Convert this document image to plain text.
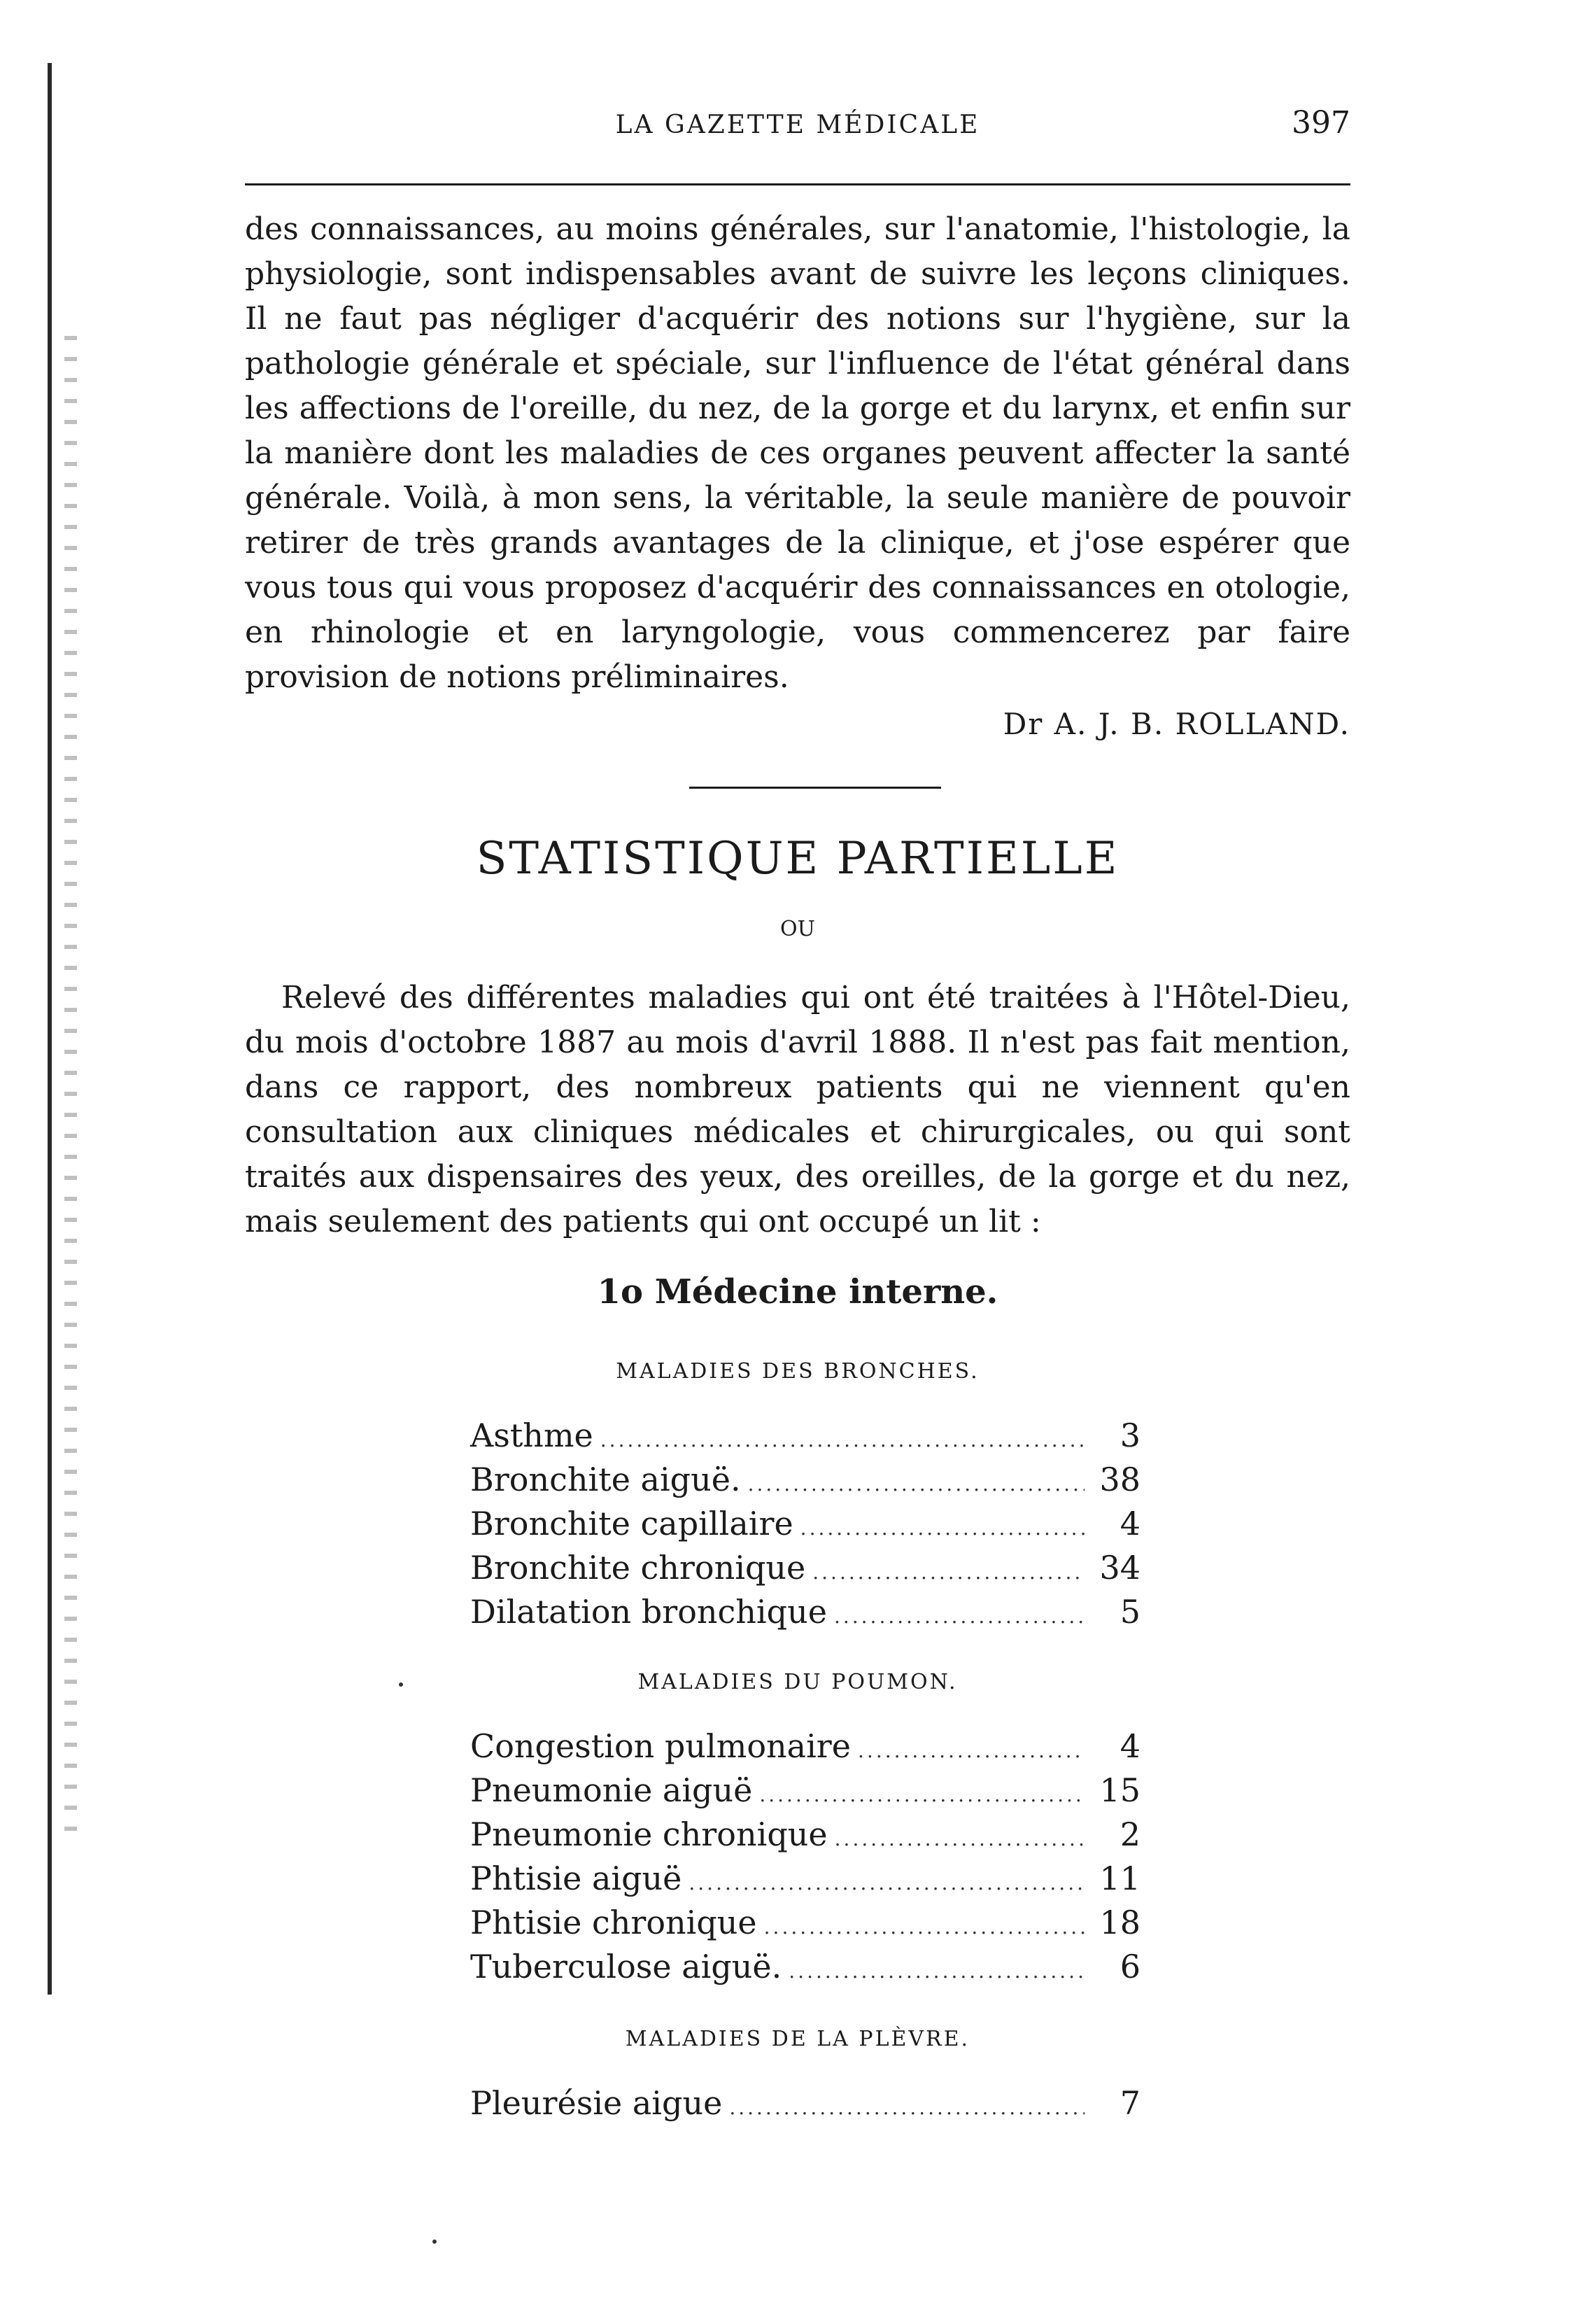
LA GAZETTE MÉDICALE	397

des connaissances, au moins générales, sur l'anatomie, l'histologie, la physiologie, sont indispensables avant de suivre les leçons cliniques. Il ne faut pas négliger d'acquérir des notions sur l'hygiène, sur la pathologie générale et spéciale, sur l'influence de l'état général dans les affections de l'oreille, du nez, de la gorge et du larynx, et enfin sur la manière dont les maladies de ces organes peuvent affecter la santé générale. Voilà, à mon sens, la véritable, la seule manière de pouvoir retirer de très grands avantages de la clinique, et j'ose espérer que vous tous qui vous proposez d'acquérir des connaissances en otologie, en rhinologie et en laryngologie, vous commencerez par faire provision de notions préliminaires.

Dr A. J. B. ROLLAND.
STATISTIQUE PARTIELLE
OU

Relevé des différentes maladies qui ont été traitées à l'Hôtel-Dieu, du mois d'octobre 1887 au mois d'avril 1888. Il n'est pas fait mention, dans ce rapport, des nombreux patients qui ne viennent qu'en consultation aux cliniques médicales et chirurgicales, ou qui sont traités aux dispensaires des yeux, des oreilles, de la gorge et du nez, mais seulement des patients qui ont occupé un lit :

1o Médecine interne.
MALADIES DES BRONCHES.
Asthme .....	3
Bronchite aiguë. .....	38
Bronchite capillaire .....	4
Bronchite chronique .....	34
Dilatation bronchique .....	5
MALADIES DU POUMON.
Congestion pulmonaire .....	4
Pneumonie aiguë .....	15
Pneumonie chronique .....	2
Phtisie aiguë .....	11
Phtisie chronique .....	18
Tuberculose aiguë. .....	6
MALADIES DE LA PLÈVRE.
Pleurésie aigue .....	7
